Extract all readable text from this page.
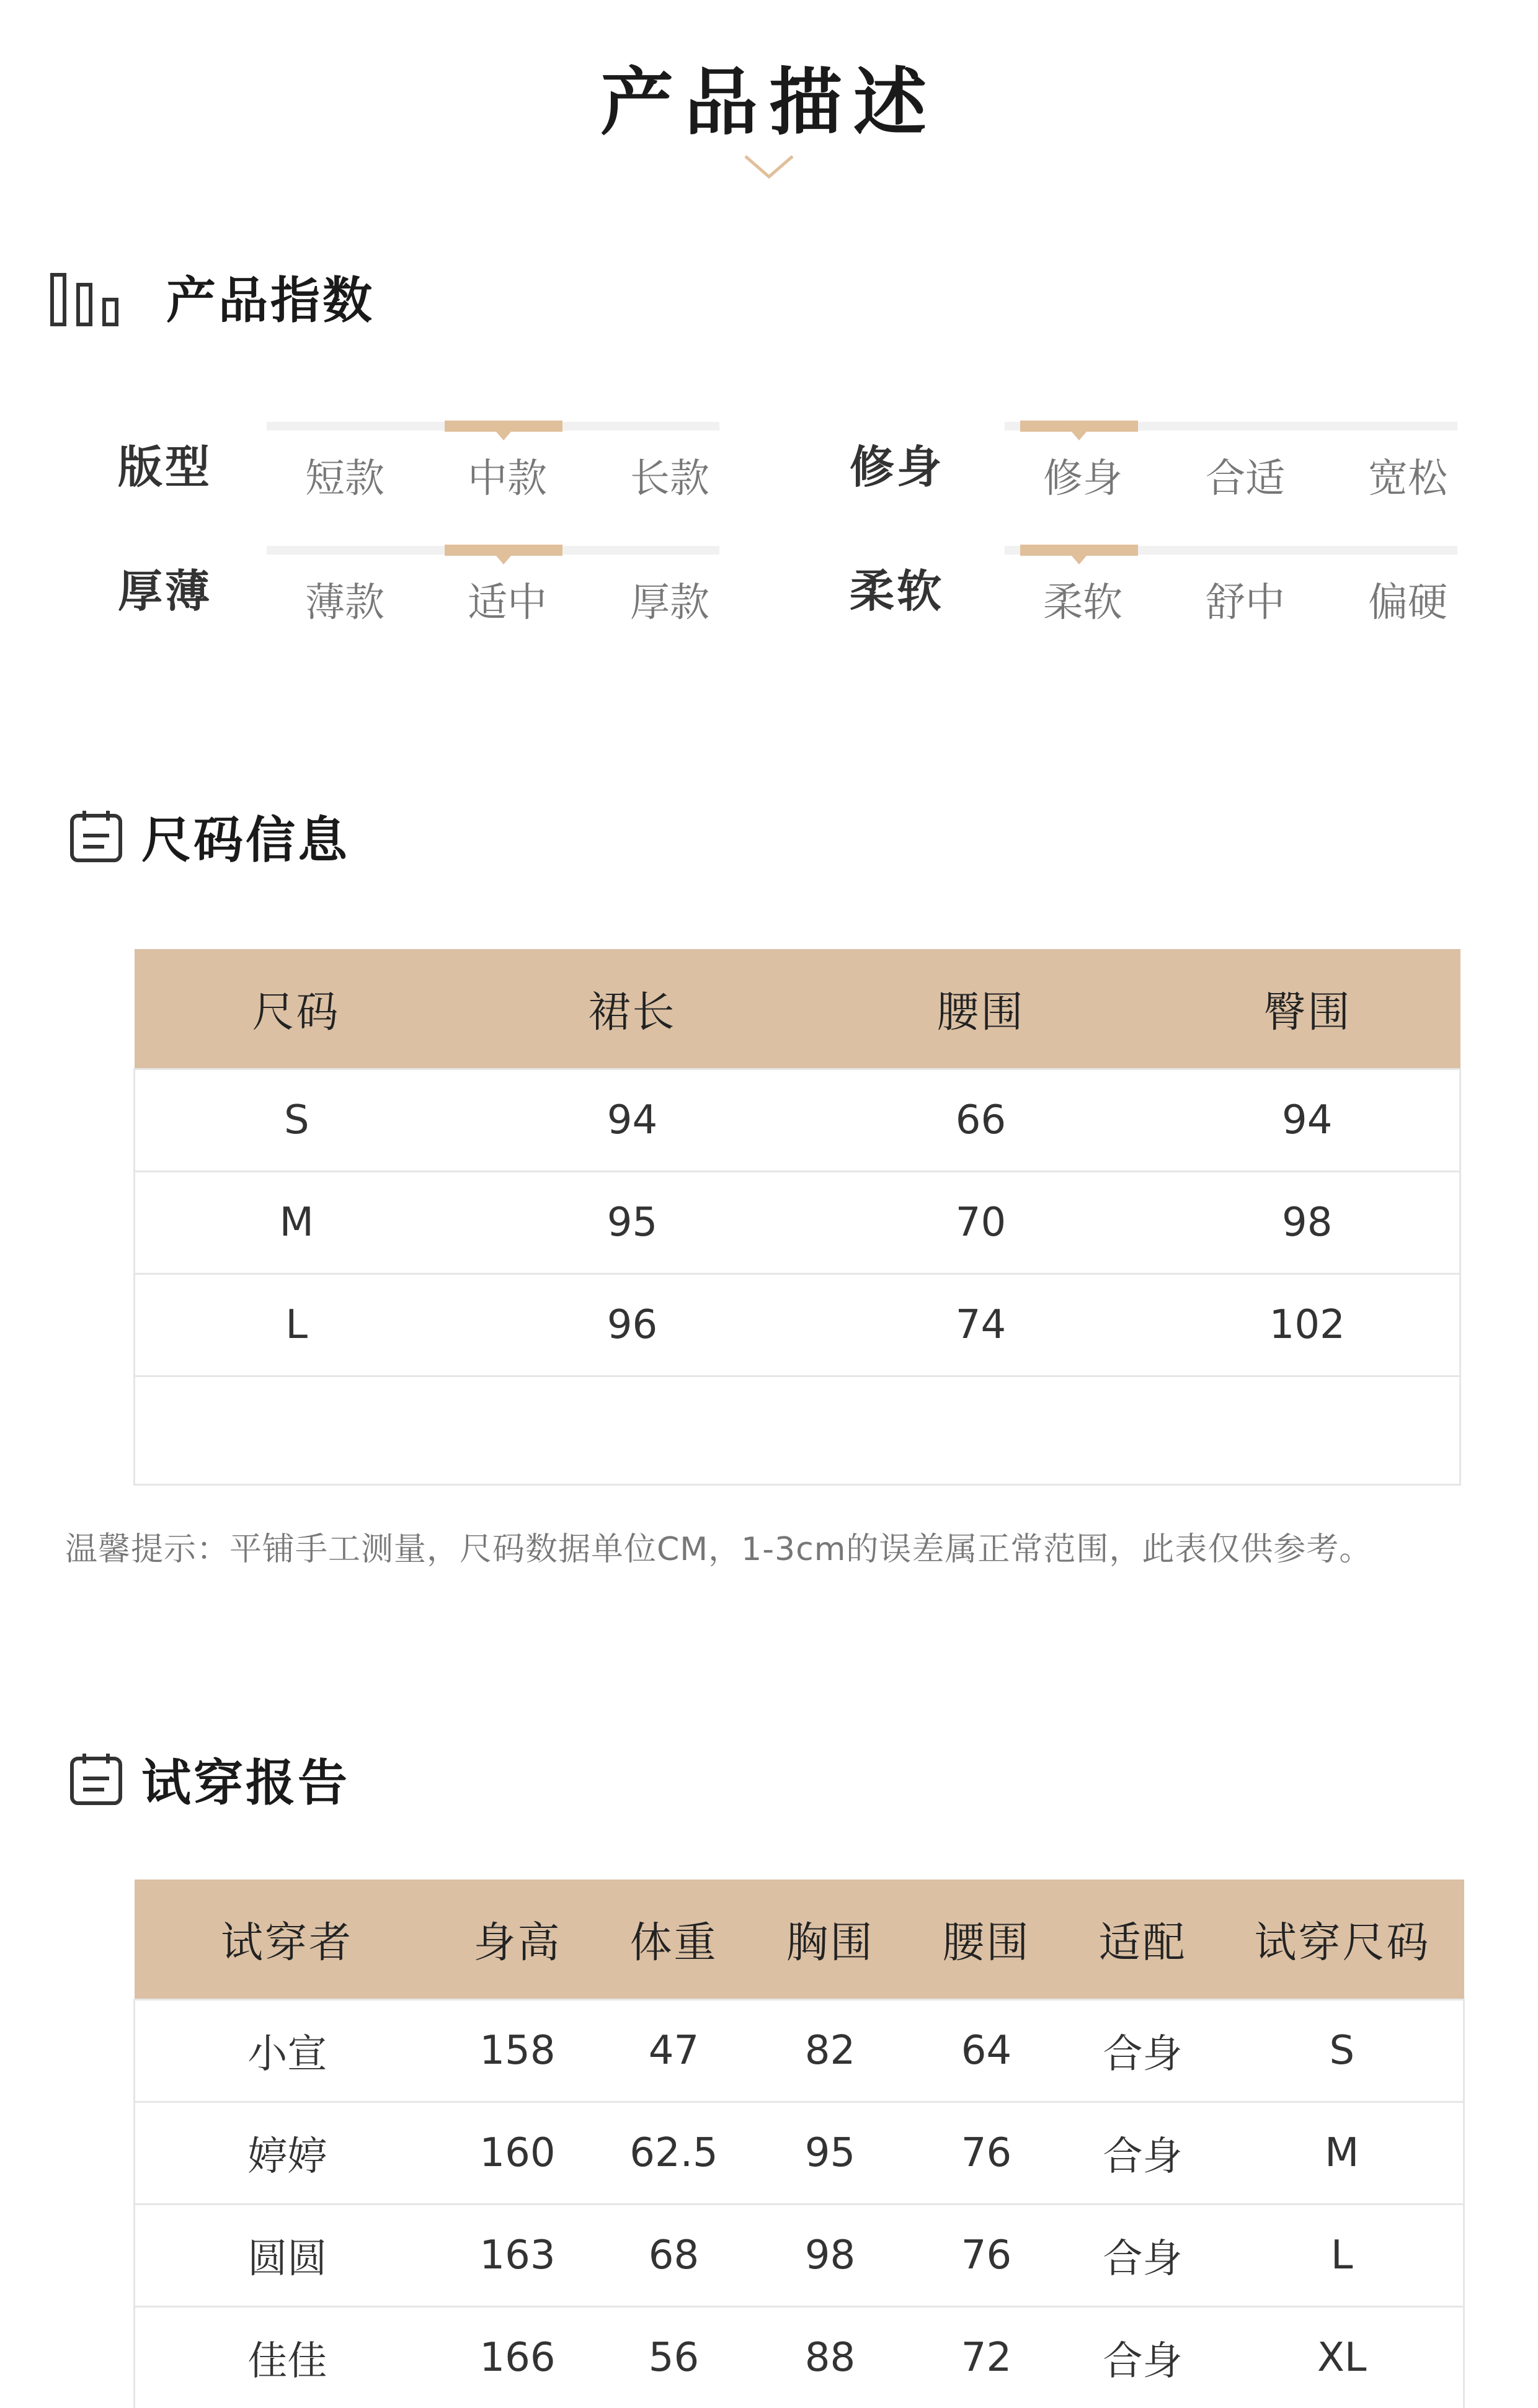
产品描述
产品指数
版型	短款	中款	长款	修身	修身	合适	宽松
厚薄	薄款	适中	厚款	柔软	柔软	舒中	偏硬
尺码信息
尺码	裙长	腰围	臀围
S	94	66	94
M	95	70	98
L	96	74	102

温馨提示：平铺手工测量，尺码数据单位CM，1-3cm的误差属正常范围，此表仅供参考。
试穿报告
试穿者	身高	体重	胸围	腰围	适配	试穿尺码
小宣	158	47	82	64	合身	S
婷婷	160	62.5	95	76	合身	M
圆圆	163	68	98	76	合身	L
佳佳	166	56	88	72	合身	XL
